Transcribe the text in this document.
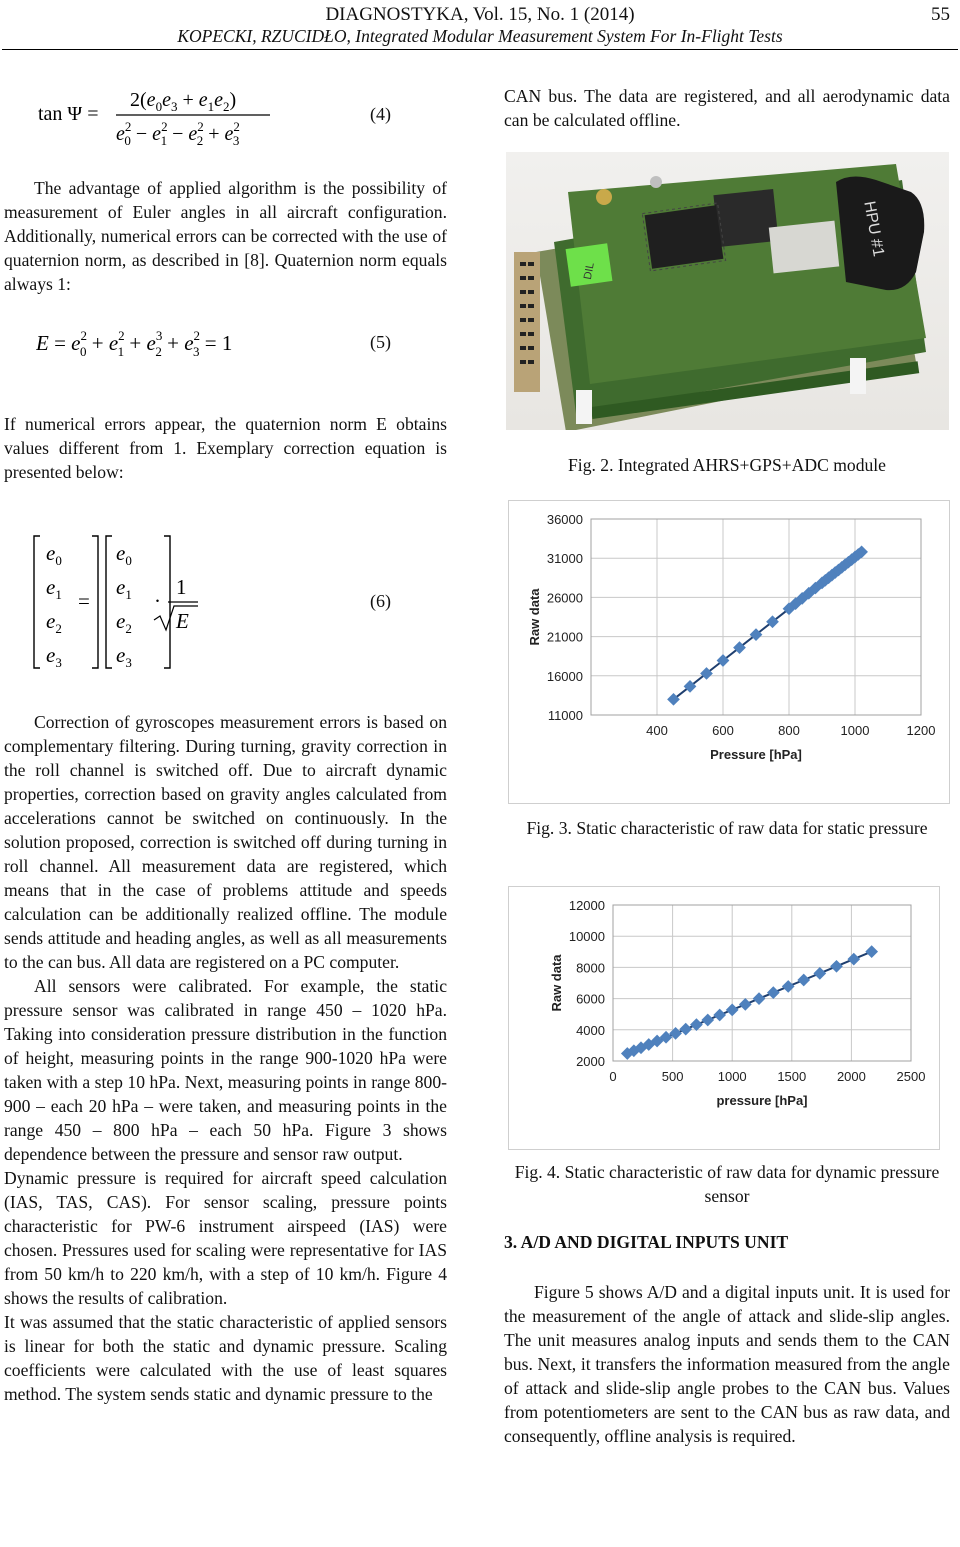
DIAGNOSTYKA, Vol. 15, No. 1 (2014)	55
KOPECKI, RZUCIDŁO, Integrated Modular Measurement System For In-Flight Tests
tan Ψ =
$2(e_0e_3 + e_1e_2)$
$e^2$ $0 - e^2$ $1 - e^2$ $2 + e^2$ 3
(4)

The advantage of applied algorithm is the possibility of measurement of Euler angles in all aircraft configuration. Additionally, numerical errors can be corrected with the use of quaternion norm, as described in [8]. Quaternion norm equals always 1:

$E = e^2$ $0 + e^2$ $1 + e^3$ $2 + e^2$ 3 = 1	(5)

If numerical errors appear, the quaternion norm E obtains values different from 1. Exemplary correction equation is presented below:

$e_0$
$e_1$
$e_2$
$e_3$
=
$e_0$
$e_1$
$e_2$
$e_3$
·
1
E
(6)

Correction of gyroscopes measurement errors is based on complementary filtering. During turning, gravity correction in the roll channel is switched off. Due to aircraft dynamic properties, correction based on gravity angles calculated from accelerations cannot be switched on continuously. In the solution proposed, correction is switched off during turning in roll channel. All measurement data are registered, which means that in the case of problems attitude and speeds calculation can be additionally realized offline. The module sends attitude and heading angles, as well as all measurements to the can bus. All data are registered on a PC computer.

All sensors were calibrated. For example, the static pressure sensor was calibrated in range 450 – 1020 hPa. Taking into consideration pressure distribution in the function of height, measuring points in the range 900-1020 hPa were taken with a step 10 hPa. Next, measuring points in range 800-900 – each 20 hPa – were taken, and measuring points in the range 450 – 800 hPa – each 50 hPa. Figure 3 shows dependence between the pressure and sensor raw output.

Dynamic pressure is required for aircraft speed calculation (IAS, TAS, CAS). For sensor scaling, pressure points characteristic for PW-6 instrument airspeed (IAS) were chosen. Pressures used for scaling were representative for IAS from 50 km/h to 220 km/h, with a step of 10 km/h. Figure 4 shows the results of calibration.

It was assumed that the static characteristic of applied sensors is linear for both the static and dynamic pressure. Scaling coefficients were calculated with the use of least squares method. The system sends static and dynamic pressure to the

CAN bus. The data are registered, and all aerodynamic data can be calculated offline.

DIL
HPU #1
Fig. 2. Integrated AHRS+GPS+ADC module
11000
16000
21000
26000
31000
36000
400	600	800	1000	1200
Pressure [hPa]
Raw data
Fig. 3. Static characteristic of raw data for static pressure
2000
4000
6000
8000
10000
12000
0	500	1000 1500 2000 2500
pressure [hPa]
Raw data
Fig. 4. Static characteristic of raw data for dynamic pressure sensor
3. A/D AND DIGITAL INPUTS UNIT

Figure 5 shows A/D and a digital inputs unit. It is used for the measurement of the angle of attack and slide-slip angles. The unit measures analog inputs and sends them to the CAN bus. Next, it transfers the information measured from the angle of attack and slide-slip angle probes to the CAN bus. Values from potentiometers are sent to the CAN bus as raw data, and consequently, offline analysis is required.
